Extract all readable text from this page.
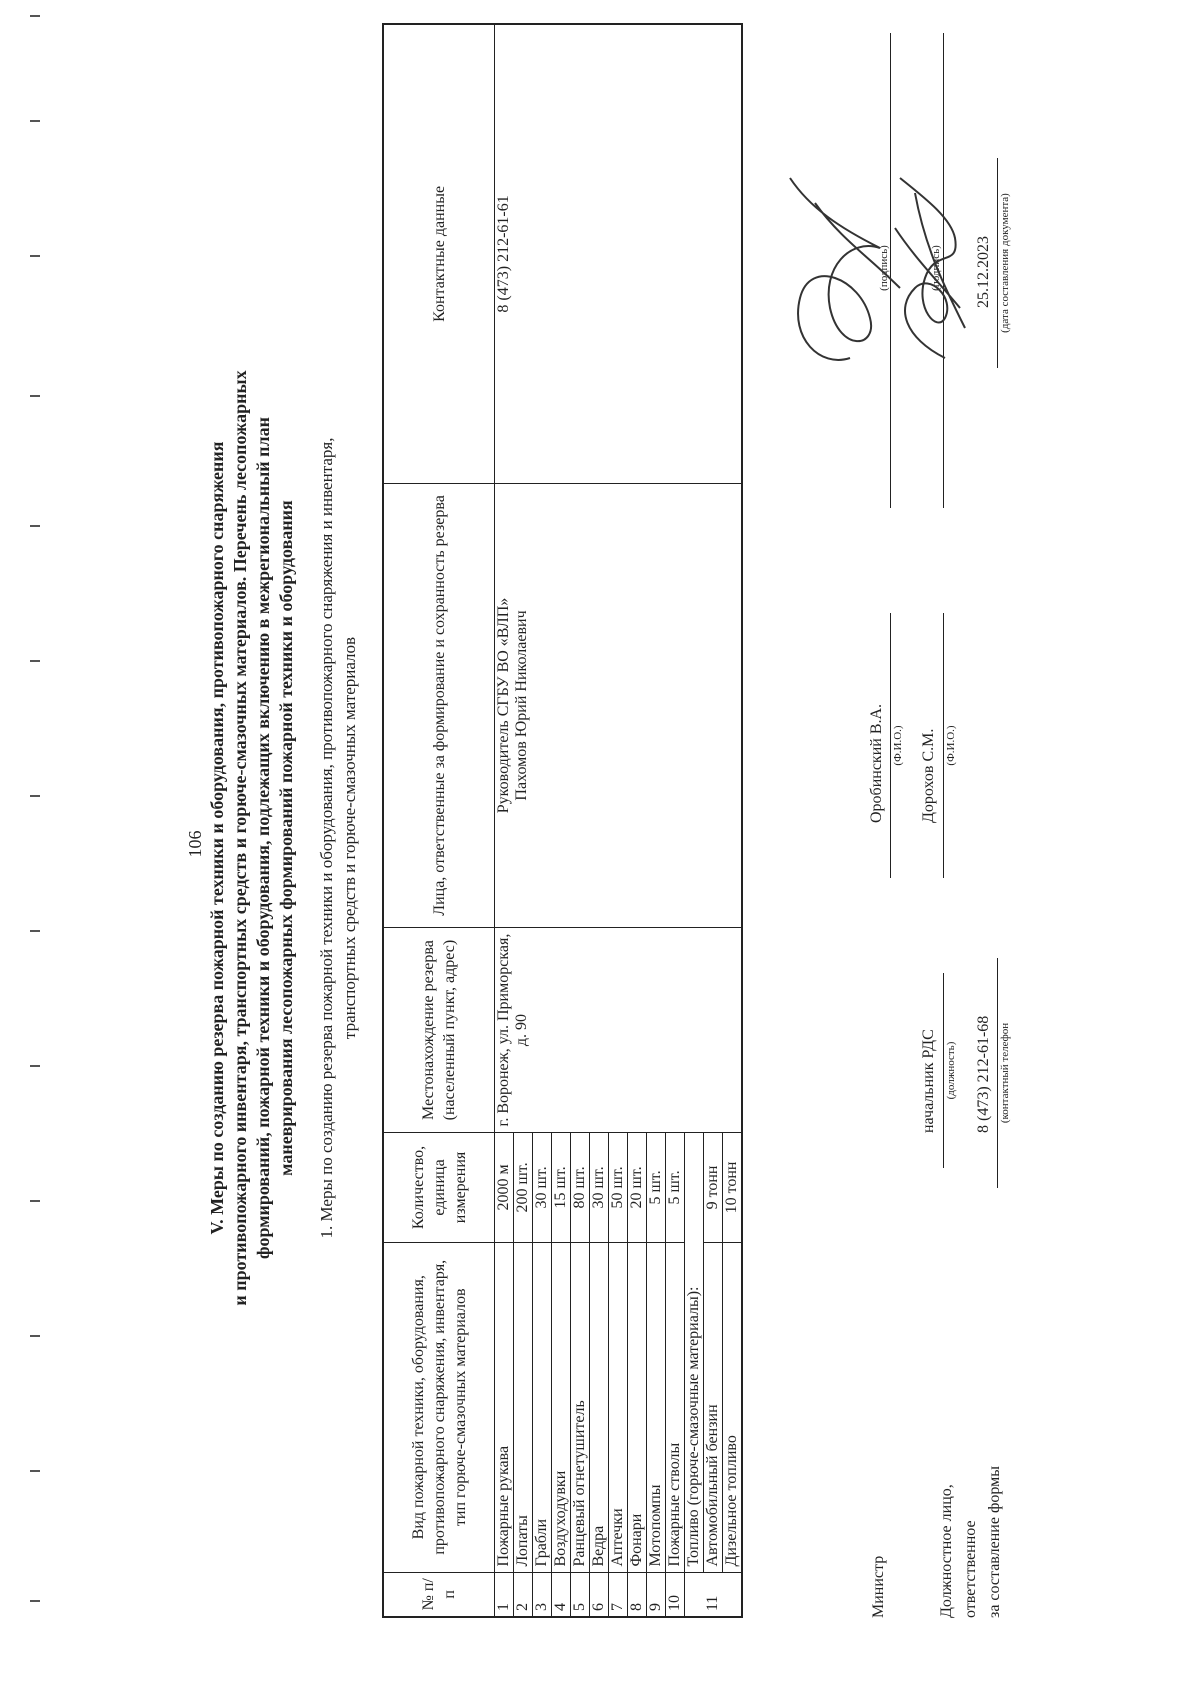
106 V. Меры по созданию резерва пожарной техники и оборудования, противопожарного снаряжения и противопожарного инвентаря, транспортных средств и горюче-смазочных материалов. Перечень лесопожарных формирований, пожарной техники и оборудования, подлежащих включению в межрегиональный план маневрирования лесопожарных формирований пожарной техники и оборудования 1. Меры по созданию резерва пожарной техники и оборудования, противопожарного снаряжения и инвентаря, транспортных средств и горюче-смазочных материалов
№ п/п	Вид пожарной техники, оборудования, противопожарного снаряжения, инвентаря, тип горюче-смазочных материалов	Количество, единица измерения	Местонахождение резерва (населенный пункт, адрес)	Лица, ответственные за формирование и сохранность резерва	Контактные данные
1	Пожарные рукава	2000 м	г. Воронеж, ул. Приморская, д. 90	Руководитель СГБУ ВО «ВЛП» Пахомов Юрий Николаевич	8 (473) 212-61-61
2	Лопаты	200 шт.			
3	Грабли	30 шт.			
4	Воздуходувки	15 шт.			
5	Ранцевый огнетушитель	80 шт.			
6	Ведра	30 шт.			
7	Аптечки	50 шт.			
8	Фонари	20 шт.			
9	Мотопомпы	5 шт.			
10	Пожарные стволы	5 шт.			
11	Топливо (горюче-смазочные материалы):				
	Автомобильный бензин	9 тонн			
	Дизельное топливо	10 тонн			
Министр
Оробинский В.А. (Ф.И.О.)
(подпись)
Должностное лицо, ответственное за составление формы
начальник РДС (должность)
Дорохов С.М. (Ф.И.О.)
(подпись)
8 (473) 212-61-68 (контактный телефон
25.12.2023 (дата составления документа)
